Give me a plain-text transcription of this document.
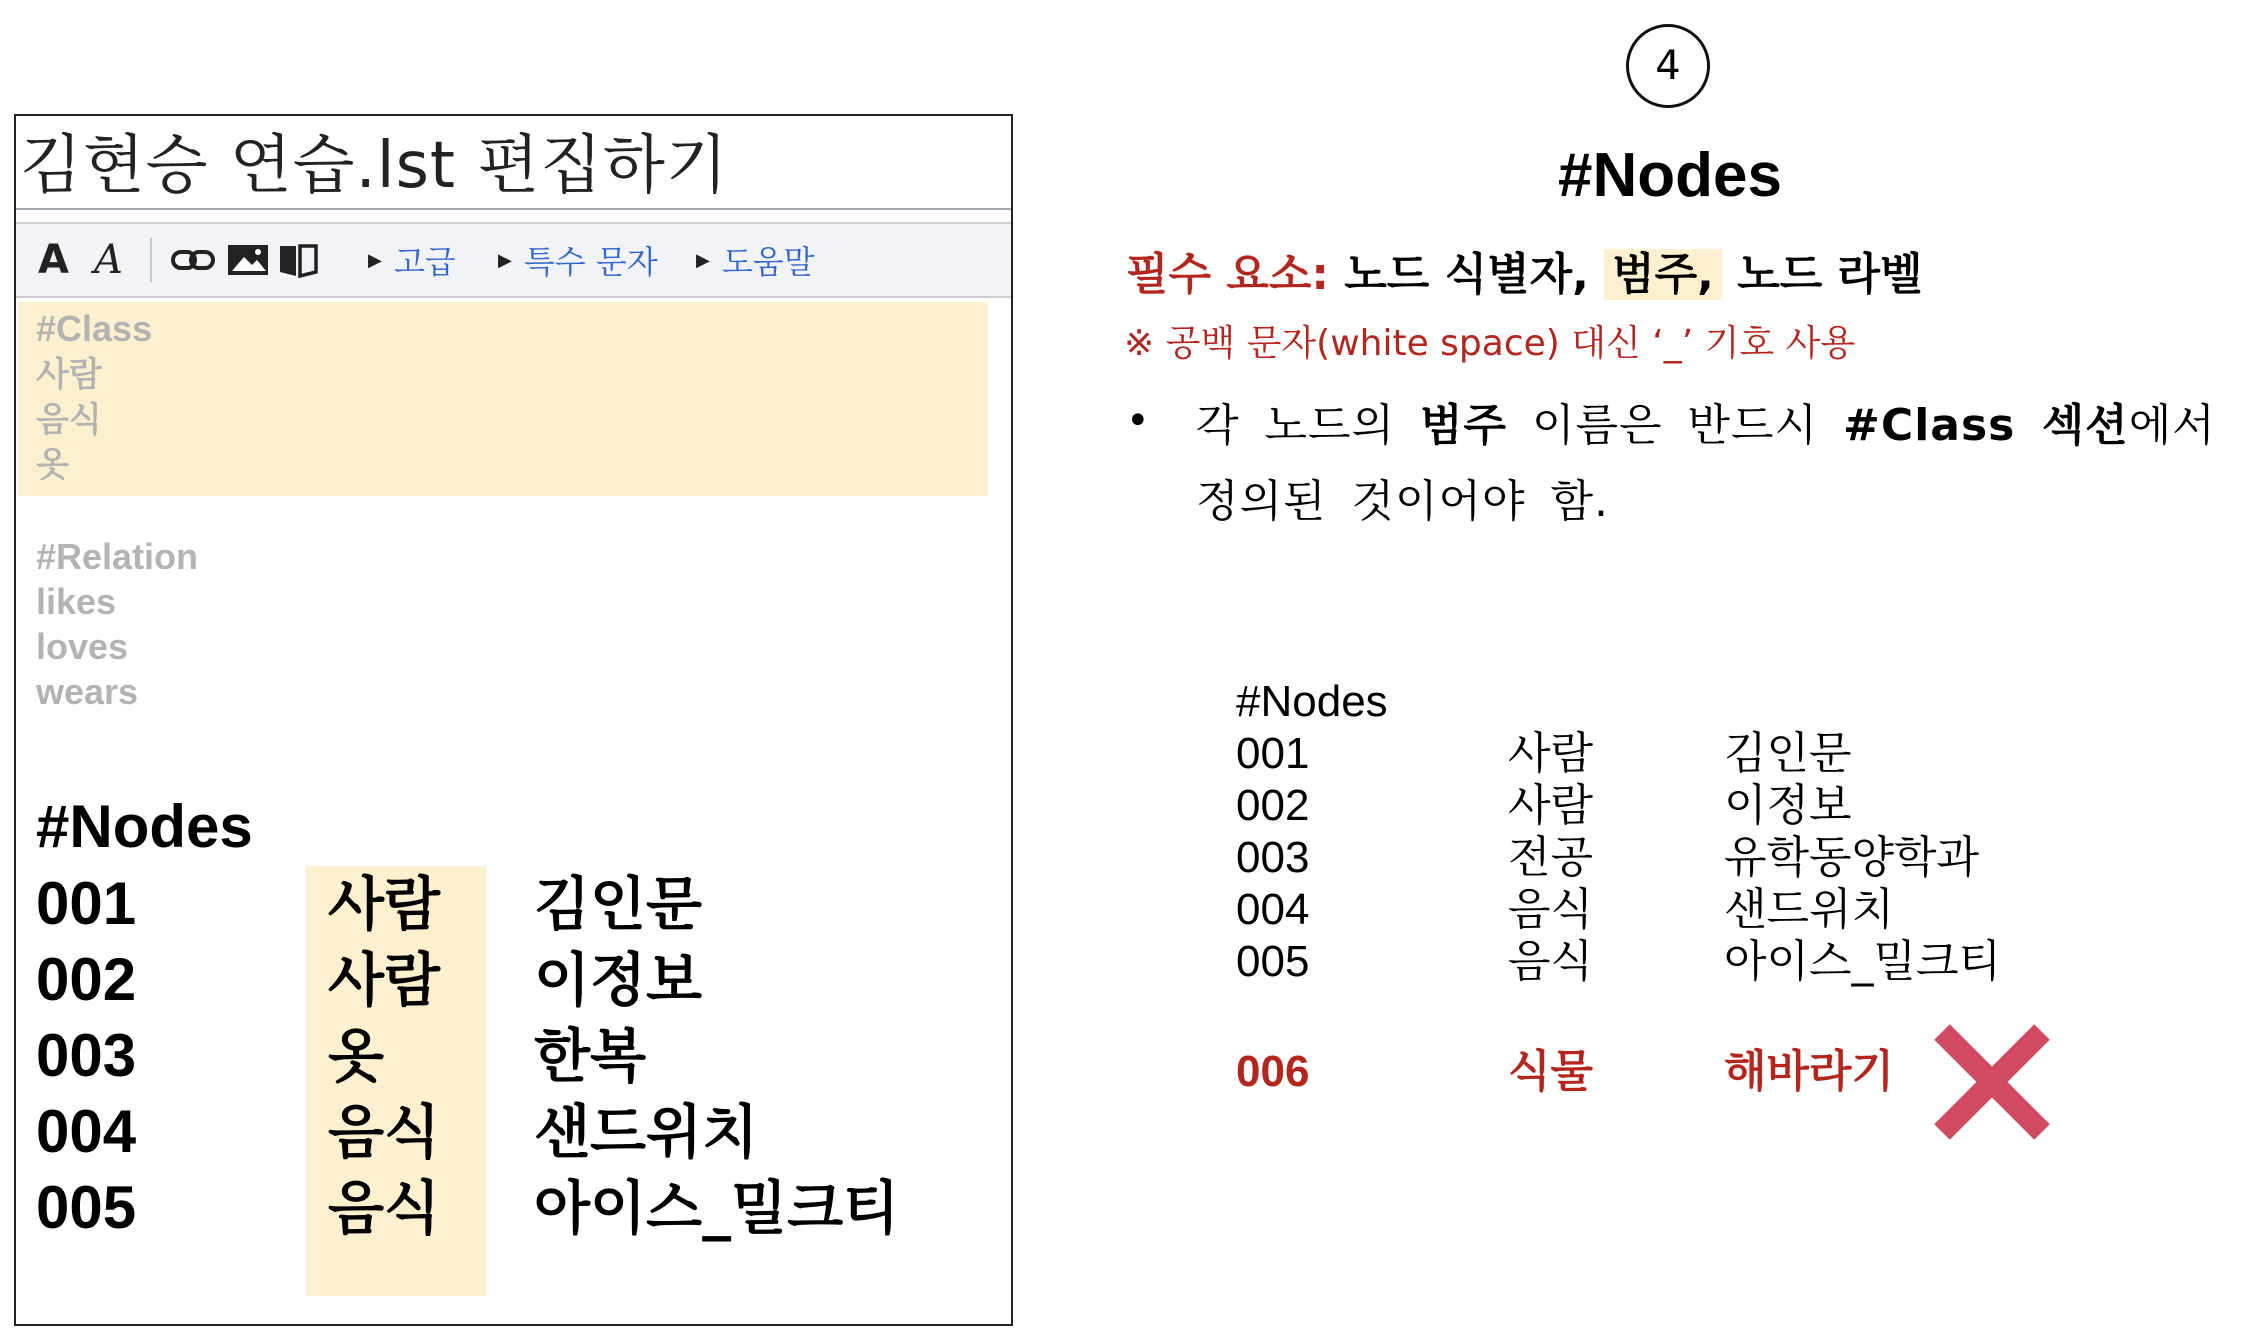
김현승 연습.lst 편집하기
A A	▶ 고급 ▶ 특수 문자 ▶ 도움말
#Class
사람
음식
옷
#Relation
likes
loves
wears
#Nodes
001	사람 김인문
002	사람 이정보
003	옷	한복
004	음식 샌드위치
005	음식 아이스_밀크티
4
#Nodes
필수 요소: 노드 식별자, 범주, 노드 라벨
※ 공백 문자(white space) 대신 ‘_’ 기호 사용
• 각 노드의 범주 이름은 반드시 #Class 섹션에서
정의된 것이어야 함.
#Nodes
001	사람	김인문
002	사람	이정보
003	전공	유학동양학과
004	음식	샌드위치
005	음식	아이스_밀크티
006	식물	해바라기
